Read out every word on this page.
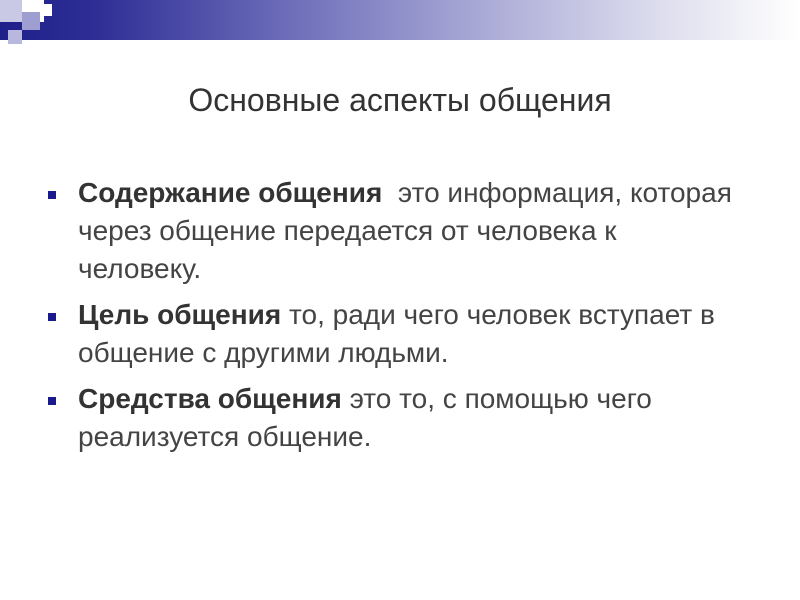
Основные аспекты общения
Содержание общения  это информация, которая через общение передается от человека к человеку.
Цель общения то, ради чего человек вступает в общение с другими людьми.
Средства общения это то, с помощью чего реализуется общение.
